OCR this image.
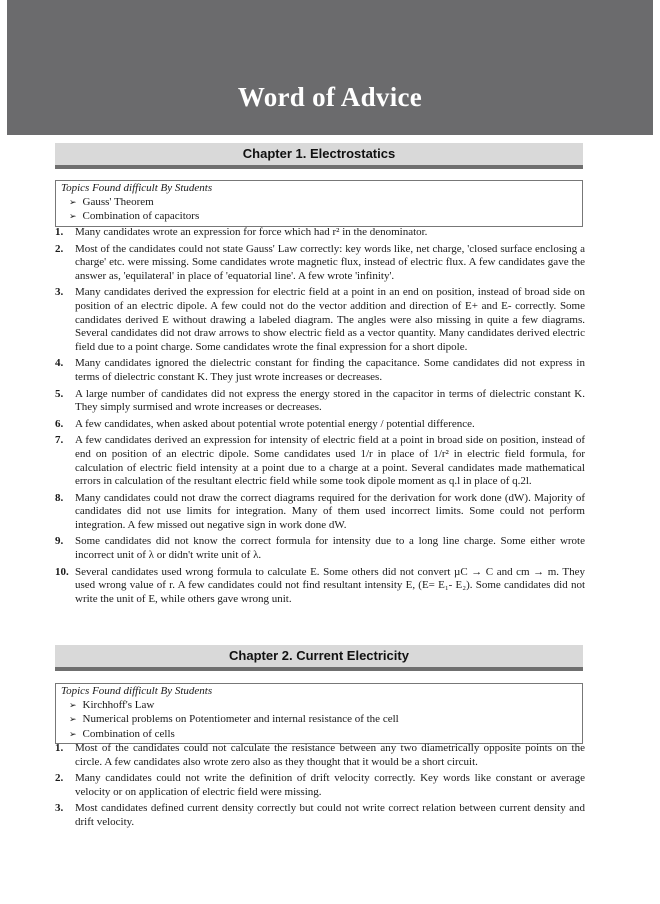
Word of Advice
Chapter 1. Electrostatics
Topics Found difficult By Students
➢ Gauss' Theorem
➢ Combination of capacitors
1. Many candidates wrote an expression for force which had r² in the denominator.
2. Most of the candidates could not state Gauss' Law correctly: key words like, net charge, 'closed surface enclosing a charge' etc. were missing. Some candidates wrote magnetic flux, instead of electric flux. A few candidates gave the answer as, 'equilateral' in place of 'equatorial line'. A few wrote 'infinity'.
3. Many candidates derived the expression for electric field at a point in an end on position, instead of broad side on position of an electric dipole. A few could not do the vector addition and direction of E+ and E- correctly. Some candidates derived E without drawing a labeled diagram. The angles were also missing in quite a few diagrams. Several candidates did not draw arrows to show electric field as a vector quantity. Many candidates derived electric field due to a point charge. Some candidates wrote the final expression for a short dipole.
4. Many candidates ignored the dielectric constant for finding the capacitance. Some candidates did not express in terms of dielectric constant K. They just wrote increases or decreases.
5. A large number of candidates did not express the energy stored in the capacitor in terms of dielectric constant K. They simply surmised and wrote increases or decreases.
6. A few candidates, when asked about potential wrote potential energy / potential difference.
7. A few candidates derived an expression for intensity of electric field at a point in broad side on position, instead of end on position of an electric dipole. Some candidates used 1/r in place of 1/r² in electric field formula, for calculation of electric field intensity at a point due to a charge at a point. Several candidates made mathematical errors in calculation of the resultant electric field while some took dipole moment as q.l in place of q.2l.
8. Many candidates could not draw the correct diagrams required for the derivation for work done (dW). Majority of candidates did not use limits for integration. Many of them used incorrect limits. Some could not perform integration. A few missed out negative sign in work done dW.
9. Some candidates did not know the correct formula for intensity due to a long line charge. Some either wrote incorrect unit of λ or didn't write unit of λ.
10. Several candidates used wrong formula to calculate E. Some others did not convert µC → C and cm → m. They used wrong value of r. A few candidates could not find resultant intensity E, (E= E₁- E₂). Some candidates did not write the unit of E, while others gave wrong unit.
Chapter 2. Current Electricity
Topics Found difficult By Students
➢ Kirchhoff's Law
➢ Numerical problems on Potentiometer and internal resistance of the cell
➢ Combination of cells
1. Most of the candidates could not calculate the resistance between any two diametrically opposite points on the circle. A few candidates also wrote zero also as they thought that it would be a short circuit.
2. Many candidates could not write the definition of drift velocity correctly. Key words like constant or average velocity or on application of electric field were missing.
3. Most candidates defined current density correctly but could not write correct relation between current density and drift velocity.
